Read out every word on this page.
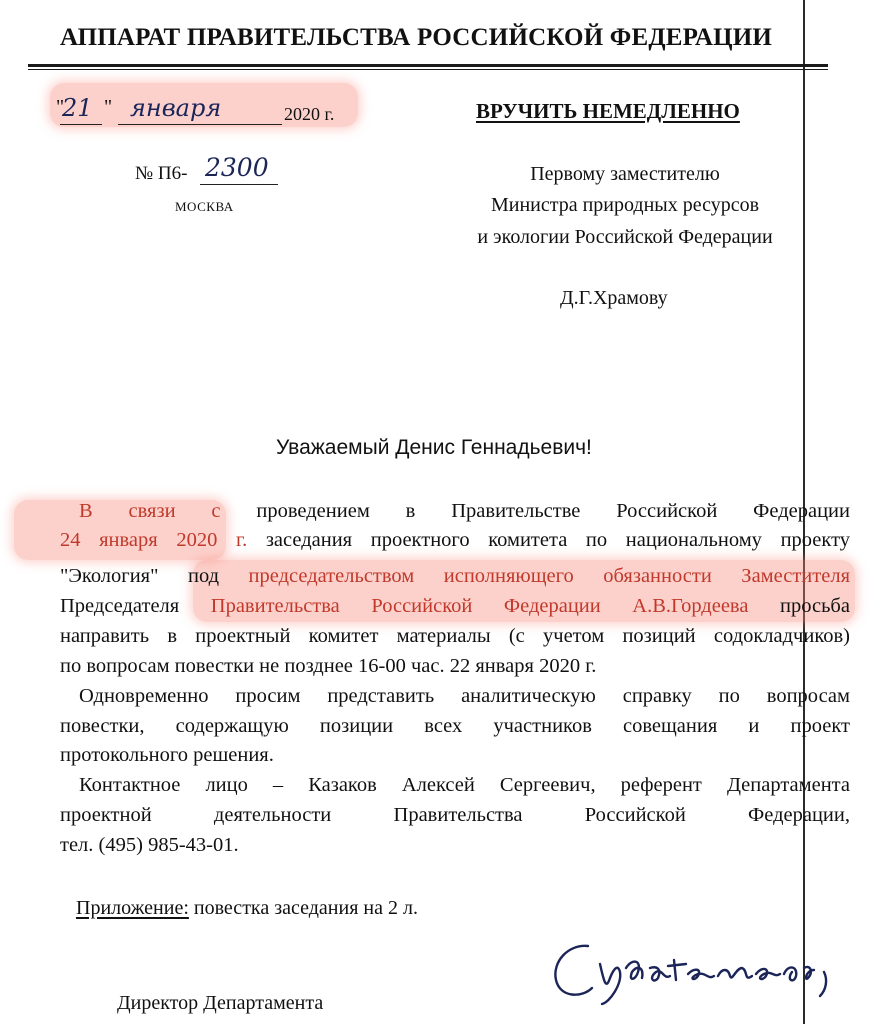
АППАРАТ ПРАВИТЕЛЬСТВА РОССИЙСКОЙ ФЕДЕРАЦИИ
"
21 " января	2020 г.	ВРУЧИТЬ НЕМЕДЛЕННО
№ П6- 2300
МОСКВА
Первому заместителю
Министра природных ресурсов
и экологии Российской Федерации
Д.Г.Храмову
Уважаемый Денис Геннадьевич!
В связи с проведением в Правительстве Российской Федерации
24 января 2020 г. заседания проектного комитета по национальному проекту
"Экология" под председательством исполняющего обязанности Заместителя
Председателя Правительства Российской Федерации А.В.Гордеева просьба
направить в проектный комитет материалы (с учетом позиций содокладчиков)
по вопросам повестки не позднее 16-00 час. 22 января 2020 г.
Одновременно просим представить аналитическую справку по вопросам
повестки, содержащую позиции всех участников совещания и проект
протокольного решения.
Контактное лицо – Казаков Алексей Сергеевич, референт Департамента
проектной деятельности Правительства Российской Федерации,
тел. (495) 985-43-01.
Приложение: повестка заседания на 2 л.
Директор Департамента
